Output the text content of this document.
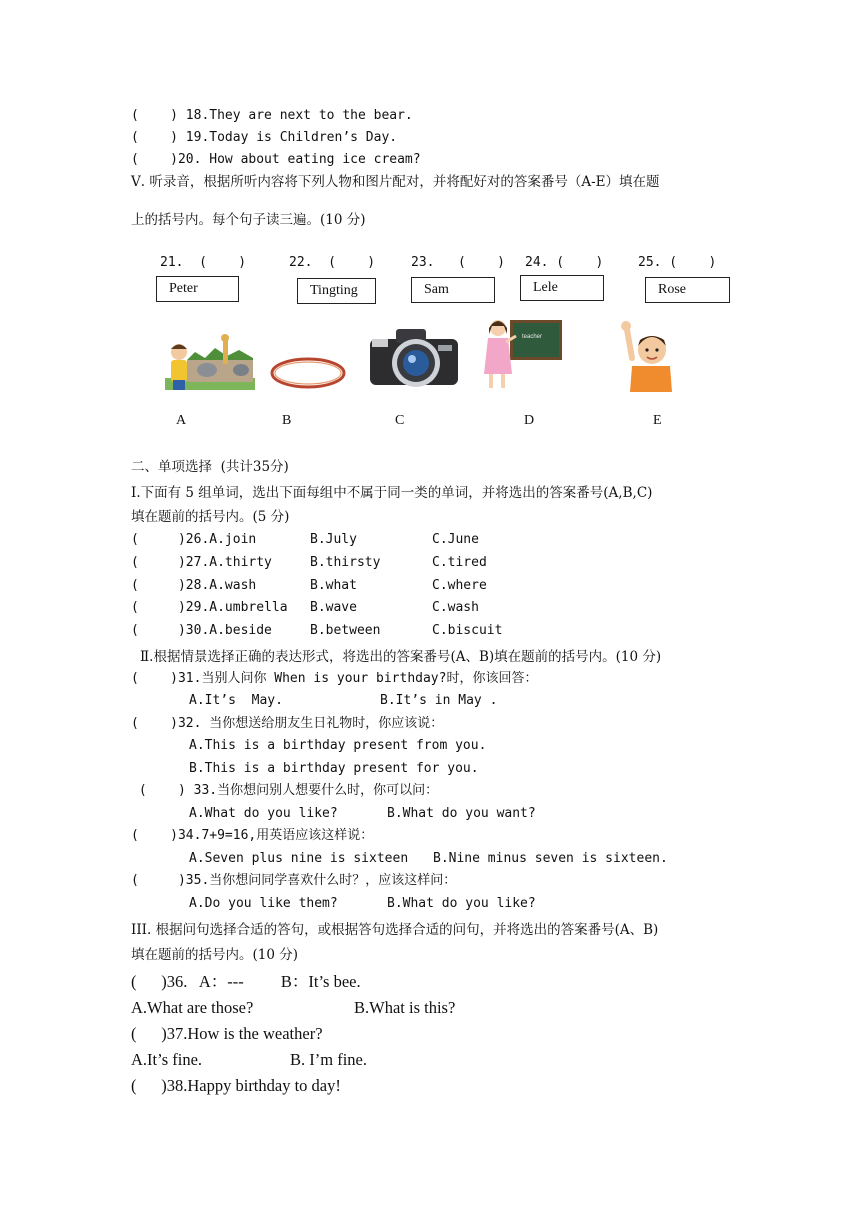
(    ) 18.They are next to the bear.
(    ) 19.Today is Children’s Day.
(    )20. How about eating ice cream?
Ⅴ. 听录音，根据所听内容将下列人物和图片配对，并将配好对的答案番号（A-E）填在题
上的括号内。每个句子读三遍。(10 分)
21.  (    )	22.  (    )	23.   (    ) 24. (    )	25. (    )
Peter	Tingting	Sam	Lele	Rose
teacher
A	B	C	D	E
二、单项选择  (共计35分)
Ⅰ.下面有 5 组单词，选出下面每组中不属于同一类的单词，并将选出的答案番号(A,B,C)
填在题前的括号内。(5 分)
(     )26.A.join	B.July	C.June
(     )27.A.thirty	B.thirsty	C.tired
(     )28.A.wash	B.what	C.where
(     )29.A.umbrella B.wave	C.wash
(     )30.A.beside	B.between	C.biscuit
Ⅱ.根据情景选择正确的表达形式，将选出的答案番号(A、B)填在题前的括号内。(10 分)
(    )31.当别人问你 When is your birthday?时，你该回答：
A.It’s  May.	B.It’s in May .
(    )32. 当你想送给朋友生日礼物时，你应该说：
A.This is a birthday present from you.
B.This is a birthday present for you.
(    ) 33.当你想问别人想要什么时，你可以问：
A.What do you like?	B.What do you want?
(    )34.7+9=16,用英语应该这样说：
A.Seven plus nine is sixteen B.Nine minus seven is sixteen.
(     )35.当你想问同学喜欢什么时？，应该这样问：
A.Do you like them?	B.What do you like?
III. 根据问句选择合适的答句，或根据答句选择合适的问句，并将选出的答案番号(A、B)
填在题前的括号内。(10 分)
(      )36.   A：---         B：It’s bee.
A.What are those?	B.What is this?
(      )37.How is the weather?
A.It’s fine.	B. I’m fine.
(      )38.Happy birthday to day!
